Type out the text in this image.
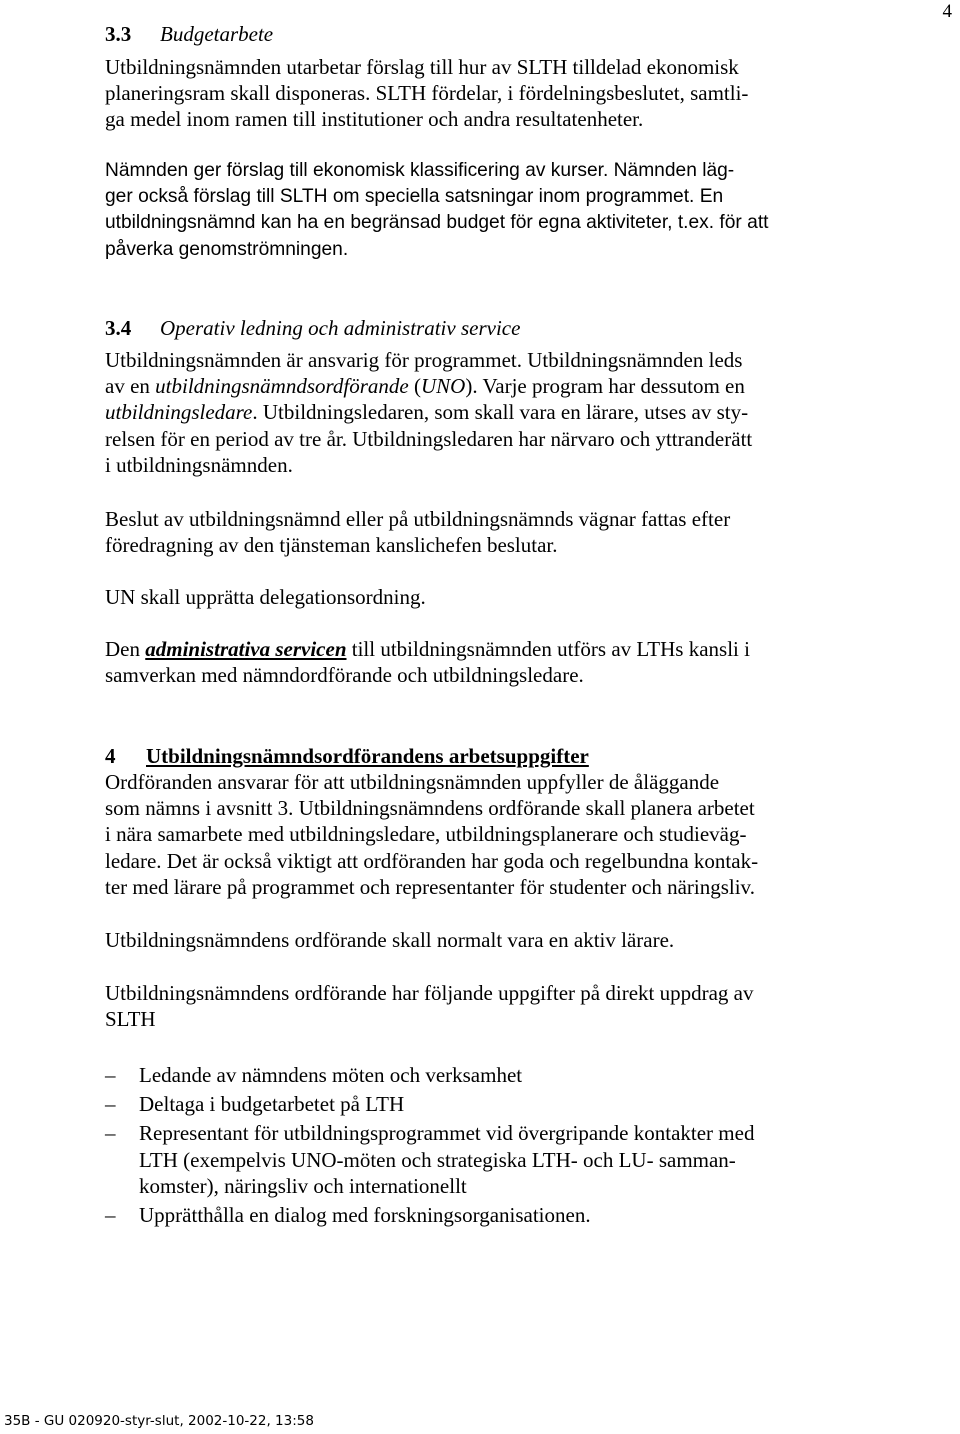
4
3.3 Budgetarbete

Utbildningsnämnden utarbetar förslag till hur av SLTH tilldelad ekonomisk
planeringsram skall disponeras. SLTH fördelar, i fördelningsbeslutet, samtli-
ga medel inom ramen till institutioner och andra resultatenheter.

Nämnden ger förslag till ekonomisk klassificering av kurser. Nämnden läg-
ger också förslag till SLTH om speciella satsningar inom programmet. En
utbildningsnämnd kan ha en begränsad budget för egna aktiviteter, t.ex. för att
påverka genomströmningen.

3.4 Operativ ledning och administrativ service

Utbildningsnämnden är ansvarig för programmet. Utbildningsnämnden leds
av en utbildningsnämndsordförande (UNO). Varje program har dessutom en
utbildningsledare. Utbildningsledaren, som skall vara en lärare, utses av sty-
relsen för en period av tre år. Utbildningsledaren har närvaro och yttranderätt
i utbildningsnämnden.

Beslut av utbildningsnämnd eller på utbildningsnämnds vägnar fattas efter
föredragning av den tjänsteman kanslichefen beslutar.

UN skall upprätta delegationsordning.

Den administrativa servicen till utbildningsnämnden utförs av LTHs kansli i
samverkan med nämndordförande och utbildningsledare.

4 Utbildningsnämndsordförandens arbetsuppgifter

Ordföranden ansvarar för att utbildningsnämnden uppfyller de åläggande
som nämns i avsnitt 3. Utbildningsnämndens ordförande skall planera arbetet
i nära samarbete med utbildningsledare, utbildningsplanerare och studieväg-
ledare. Det är också viktigt att ordföranden har goda och regelbundna kontak-
ter med lärare på programmet och representanter för studenter och näringsliv.

Utbildningsnämndens ordförande skall normalt vara en aktiv lärare.

Utbildningsnämndens ordförande har följande uppgifter på direkt uppdrag av
SLTH

– Ledande av nämndens möten och verksamhet
– Deltaga i budgetarbetet på LTH
– Representant för utbildningsprogrammet vid övergripande kontakter med
LTH (exempelvis UNO-möten och strategiska LTH- och LU- samman-
komster), näringsliv och internationellt
– Upprätthålla en dialog med forskningsorganisationen.
35B - GU 020920-styr-slut, 2002-10-22, 13:58
